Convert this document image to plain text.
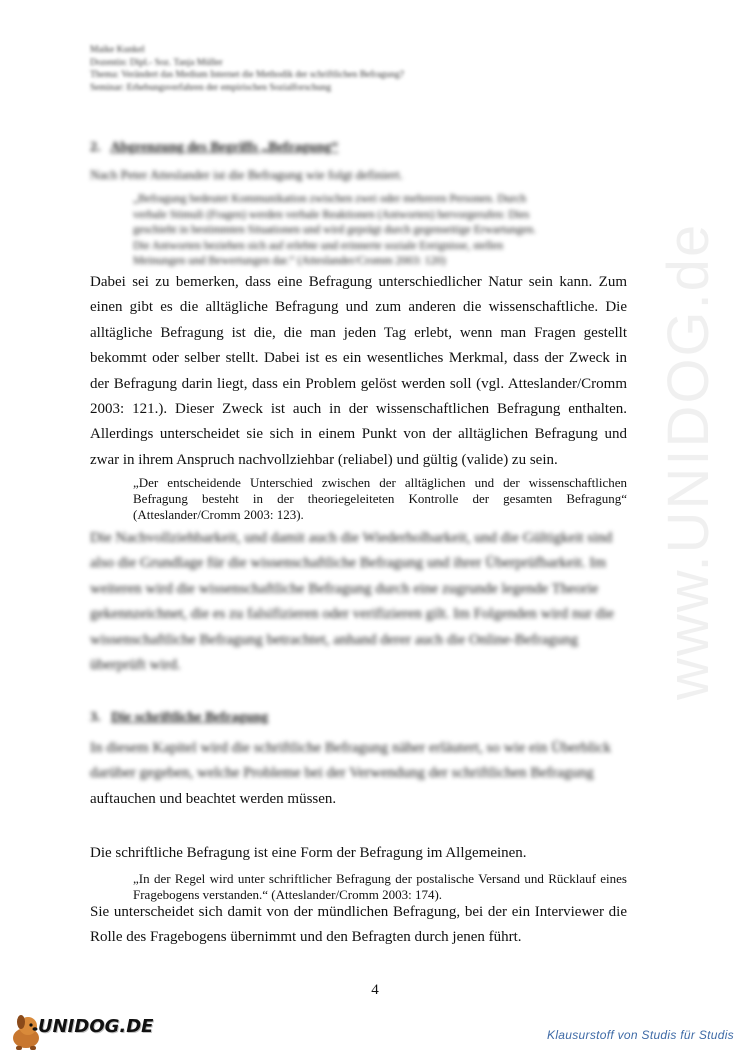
www.UNIDOG.de
Maike Kunkel
Dozentin: Dipl.- Soz. Tanja Müller
Thema: Verändert das Medium Internet die Methodik der schriftlichen Befragung?
Seminar: Erhebungsverfahren der empirischen Sozialforschung
2. Abgrenzung des Begriffs „Befragung“
Nach Peter Atteslander ist die Befragung wie folgt definiert.
„Befragung bedeutet Kommunikation zwischen zwei oder mehreren Personen. Durch
verbale Stimuli (Fragen) werden verbale Reaktionen (Antworten) hervorgerufen: Dies
geschieht in bestimmten Situationen und wird geprägt durch gegenseitige Erwartungen.
Die Antworten beziehen sich auf erlebte und erinnerte soziale Ereignisse, stellen
Meinungen und Bewertungen dar.“ (Atteslander/Cromm 2003: 120)
Dabei sei zu bemerken, dass eine Befragung unterschiedlicher Natur sein kann. Zum einen gibt es die alltägliche Befragung und zum anderen die wissenschaftliche. Die alltägliche Befragung ist die, die man jeden Tag erlebt, wenn man Fragen gestellt bekommt oder selber stellt. Dabei ist es ein wesentliches Merkmal, dass der Zweck in der Befragung darin liegt, dass ein Problem gelöst werden soll (vgl. Atteslander/Cromm 2003: 121.). Dieser Zweck ist auch in der wissenschaftlichen Befragung enthalten. Allerdings unterscheidet sie sich in einem Punkt von der alltäglichen Befragung und zwar in ihrem Anspruch nachvollziehbar (reliabel) und gültig (valide) zu sein.
„Der entscheidende Unterschied zwischen der alltäglichen und der wissenschaftlichen Befragung besteht in der theoriegeleiteten Kontrolle der gesamten Befragung“ (Atteslander/Cromm 2003: 123).
Die Nachvollziehbarkeit, und damit auch die Wiederholbarkeit, und die Gültigkeit sind
also die Grundlage für die wissenschaftliche Befragung und ihrer Überprüfbarkeit. Im
weiteren wird die wissenschaftliche Befragung durch eine zugrunde legende Theorie
gekennzeichnet, die es zu falsifizieren oder verifizieren gilt. Im Folgenden wird nur die
wissenschaftliche Befragung betrachtet, anhand derer auch die Online-Befragung
überprüft wird.
3. Die schriftliche Befragung
In diesem Kapitel wird die schriftliche Befragung näher erläutert, so wie ein Überblick
darüber gegeben, welche Probleme bei der Verwendung der schriftlichen Befragung
auftauchen und beachtet werden müssen.
Die schriftliche Befragung ist eine Form der Befragung im Allgemeinen.
„In der Regel wird unter schriftlicher Befragung der postalische Versand und Rücklauf eines Fragebogens verstanden.“ (Atteslander/Cromm 2003: 174).
Sie unterscheidet sich damit von der mündlichen Befragung, bei der ein Interviewer die Rolle des Fragebogens übernimmt und den Befragten durch jenen führt.
4
UNIDOG.DE	Klausurstoff von Studis für Studis
